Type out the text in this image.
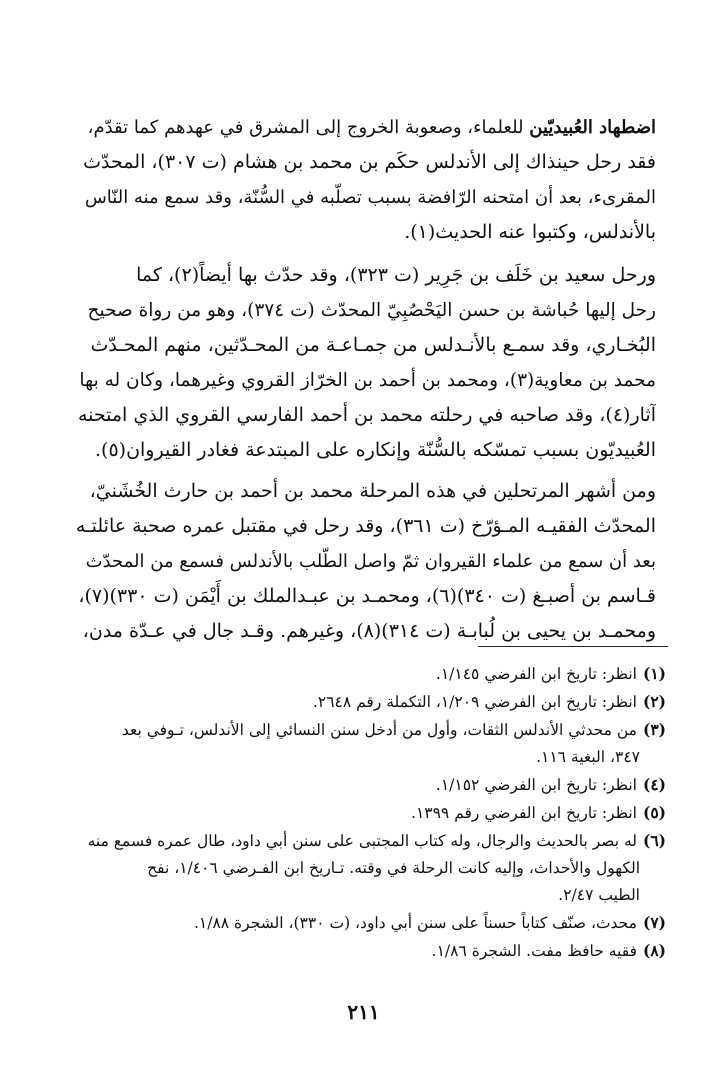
اضطهاد العُبيديّين للعلماء، وصعوبة الخروج إلى المشرق في عهدهم كما تقدّم،
فقد رحل حينذاك إلى الأندلس حكَم بن محمد بن هشام (ت ٣٠٧)، المحدّث
المقرىء، بعد أن امتحنه الرّافضة بسبب تصلّبه في السُّنّة، وقد سمع منه النّاس
بالأندلس، وكتبوا عنه الحديث(١).
ورحل سعيد بن خَلَف بن جَرِير (ت ٣٢٣)، وقد حدّث بها أيضاً(٢)، كما
رحل إليها حُباشة بن حسن اليَحْصُبِيّ المحدّث (ت ٣٧٤)، وهو من رواة صحيح
البُخـاري، وقد سمـع بالأنـدلس من جمـاعـة من المحـدّثين، منهم المحـدّث
محمد بن معاوية(٣)، ومحمد بن أحمد بن الخرّاز القروي وغيرهما، وكان له بها
آثار(٤)، وقد صاحبه في رحلته محمد بن أحمد الفارسي القروي الذي امتحنه
العُبيديّون بسبب تمسّكه بالسُّنّة وإنكاره على المبتدعة فغادر القيروان(٥).
ومن أشهر المرتحلين في هذه المرحلة محمد بن أحمد بن حارث الخُشَنيّ،
المحدّث الفقيـه المـؤرّخ (ت ٣٦١)، وقد رحل في مقتبل عمره صحبة عائلتـه
بعد أن سمع من علماء القيروان ثمّ واصل الطّلب بالأندلس فسمع من المحدّث
قـاسم بن أصبـغ (ت ٣٤٠)(٦)، ومحمـد بن عبـدالملك بن أَيْمَن (ت ٣٣٠)(٧)،
ومحمـد بن يحيى بن لُبابـة (ت ٣١٤)(٨)، وغيرهم. وقـد جال في عـدّة مدن،
(١)انظر: تاريخ ابن الفرضي ١/١٤٥.
(٢)انظر: تاريخ ابن الفرضي ١/٢٠٩، التكملة رقم ٢٦٤٨.
(٣)من محدثي الأندلس الثقات، وأول من أدخل سنن النسائي إلى الأندلس، تـوفي بعد
٣٤٧، البغية ١١٦.
(٤)انظر: تاريخ ابن الفرضي ١/١٥٢.
(٥)انظر: تاريخ ابن الفرضي رقم ١٣٩٩.
(٦)له بصر بالحديث والرجال، وله كتاب المجتبى على سنن أبي داود، طال عمره فسمع منه
الكهول والأحداث، وإليه كانت الرحلة في وقته. تـاريخ ابن الفـرضي ١/٤٠٦، نفح
الطيب ٢/٤٧.
(٧)محدث، صنّف كتاباً حسناً على سنن أبي داود، (ت ٣٣٠)، الشجرة ١/٨٨.
(٨)فقيه حافظ مفت. الشجرة ١/٨٦.
٢١١
